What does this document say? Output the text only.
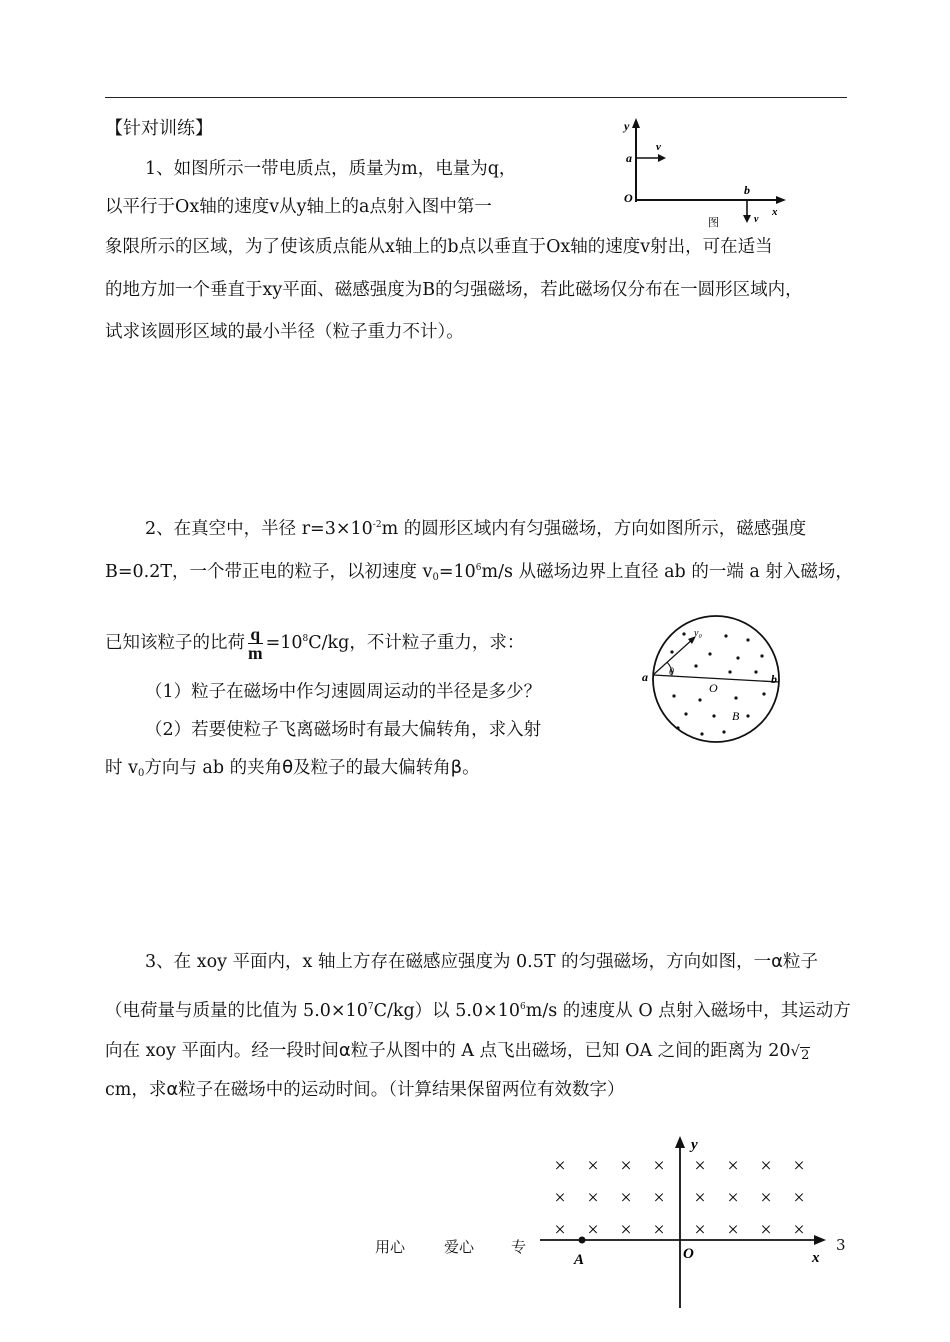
【针对训练】
1、如图所示一带电质点，质量为m，电量为q，
以平行于Ox轴的速度v从y轴上的a点射入图中第一
象限所示的区域，为了使该质点能从x轴上的b点以垂直于Ox轴的速度v射出，可在适当
的地方加一个垂直于xy平面、磁感强度为B的匀强磁场，若此磁场仅分布在一圆形区域内，
试求该圆形区域的最小半径（粒子重力不计）。
y
a
v
O
b
x
v
图
2、在真空中，半径 $r=3\times 10^{-2}m$ 的圆形区域内有匀强磁场，方向如图所示，磁感强度
B=0.2T，一个带正电的粒子，以初速度 $v_0=10^6m/s$ 从磁场边界上直径 ab 的一端 a 射入磁场，
已知该粒子的比荷 $\frac{q}{m} =10^8C/kg$，不计粒子重力，求：
（1）粒子在磁场中作匀速圆周运动的半径是多少？
（2）若要使粒子飞离磁场时有最大偏转角，求入射
时 $v_0$方向与 ab 的夹角θ及粒子的最大偏转角β。
a	b
O
B
v₀
θ
3、在 xoy 平面内，x 轴上方存在磁感应强度为 0.5T 的匀强磁场，方向如图，一α粒子
（电荷量与质量的比值为 $5.0\times 10^7C/kg$）以 $5.0\times 10^6m/s$ 的速度从 O 点射入磁场中，其运动方
向在 xoy 平面内。经一段时间α粒子从图中的 A 点飞出磁场，已知 OA 之间的距离为 20√2
cm，求α粒子在磁场中的运动时间。（计算结果保留两位有效数字）
× × × × × × × ×
× × × × × × × ×
× × × × × × × ×
y
x
A	O
用心	爱心 专	3
